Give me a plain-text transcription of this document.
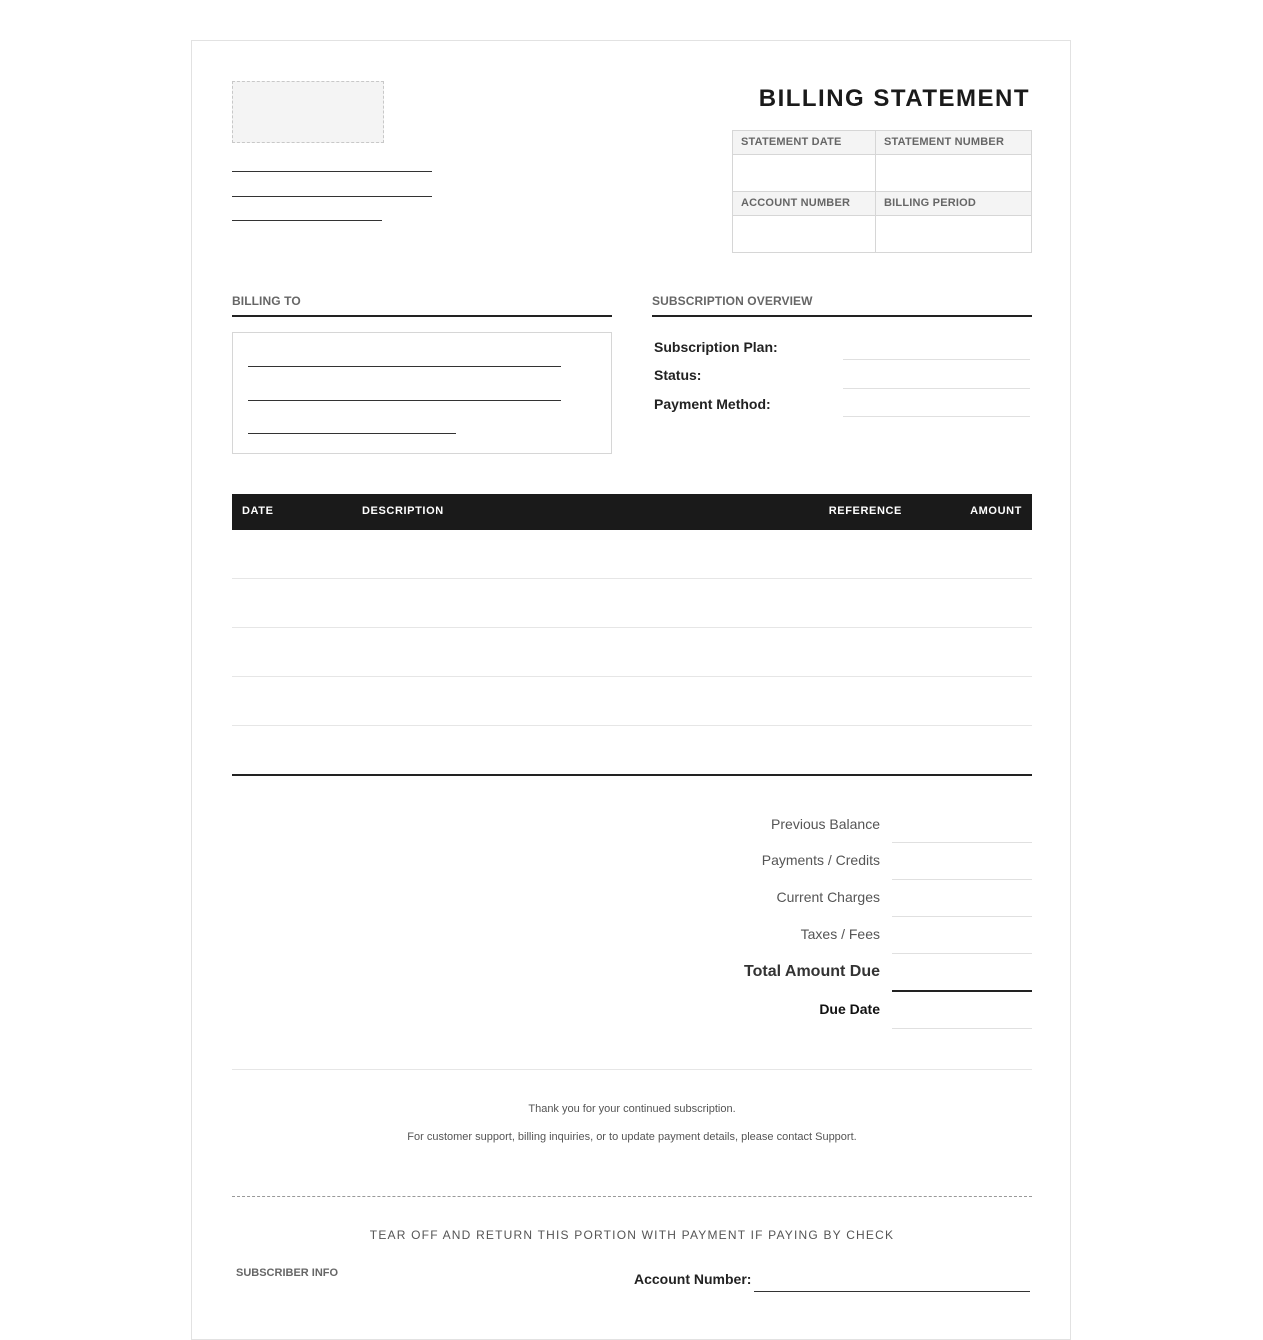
BILLING STATEMENT
STATEMENT DATE	STATEMENT NUMBER
ACCOUNT NUMBER	BILLING PERIOD
BILLING TO	SUBSCRIPTION OVERVIEW
Subscription Plan:
Status:
Payment Method:
DATE	DESCRIPTION	REFERENCE	AMOUNT
Previous Balance
Payments / Credits
Current Charges
Taxes / Fees
Total Amount Due
Due Date
Thank you for your continued subscription.
For customer support, billing inquiries, or to update payment details, please contact Support.
TEAR OFF AND RETURN THIS PORTION WITH PAYMENT IF PAYING BY CHECK
SUBSCRIBER INFO	Account Number:
